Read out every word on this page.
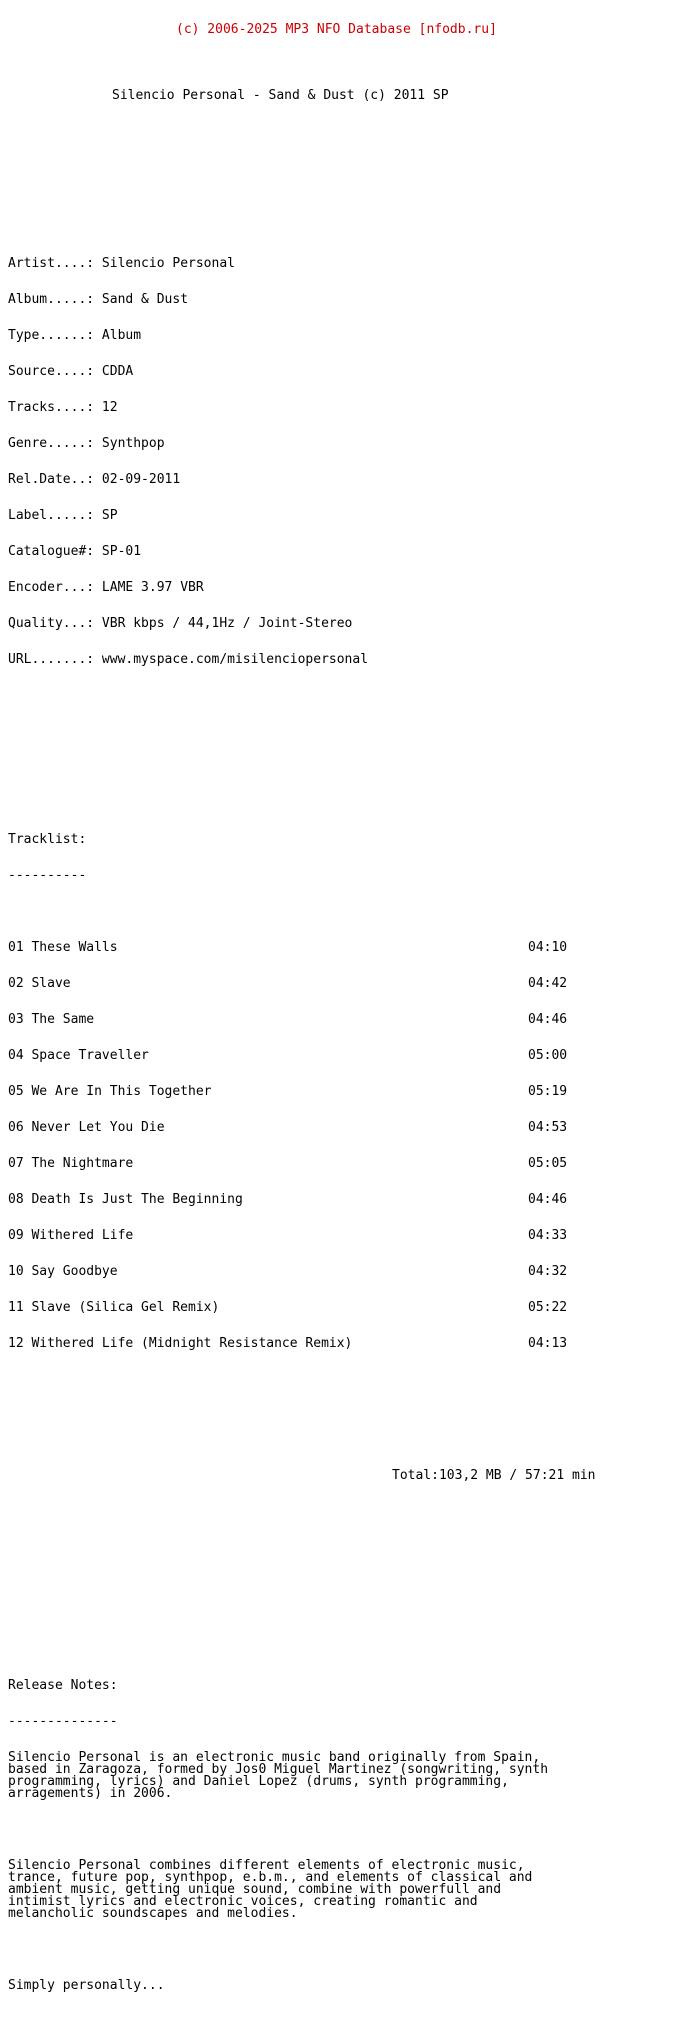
(c) 2006-2025 MP3 NFO Database [nfodb.ru]

Silencio Personal - Sand & Dust (c) 2011 SP

Artist....: Silencio Personal

Album.....: Sand & Dust

Type......: Album

Source....: CDDA

Tracks....: 12

Genre.....: Synthpop

Rel.Date..: 02-09-2011

Label.....: SP

Catalogue#: SP-01

Encoder...: LAME 3.97 VBR

Quality...: VBR kbps / 44,1Hz / Joint-Stereo

URL.......: www.myspace.com/misilenciopersonal

Tracklist:

----------

01 These Walls	04:10

02 Slave	04:42

03 The Same	04:46

04 Space Traveller	05:00

05 We Are In This Together	05:19

06 Never Let You Die	04:53

07 The Nightmare	05:05

08 Death Is Just The Beginning	04:46

09 Withered Life	04:33

10 Say Goodbye	04:32

11 Slave (Silica Gel Remix)	05:22

12 Withered Life (Midnight Resistance Remix)	04:13

Total:103,2 MB / 57:21 min

Release Notes:

--------------

Silencio Personal is an electronic music band originally from Spain,
based in Zaragoza, formed by Jos0 Miguel Martinez (songwriting, synth
programming, lyrics) and Daniel Lopez (drums, synth programming,
arragements) in 2006.

Silencio Personal combines different elements of electronic music,
trance, future pop, synthpop, e.b.m., and elements of classical and
ambient music, getting unique sound, combine with powerfull and
intimist lyrics and electronic voices, creating romantic and
melancholic soundscapes and melodies.

Simply personally...
